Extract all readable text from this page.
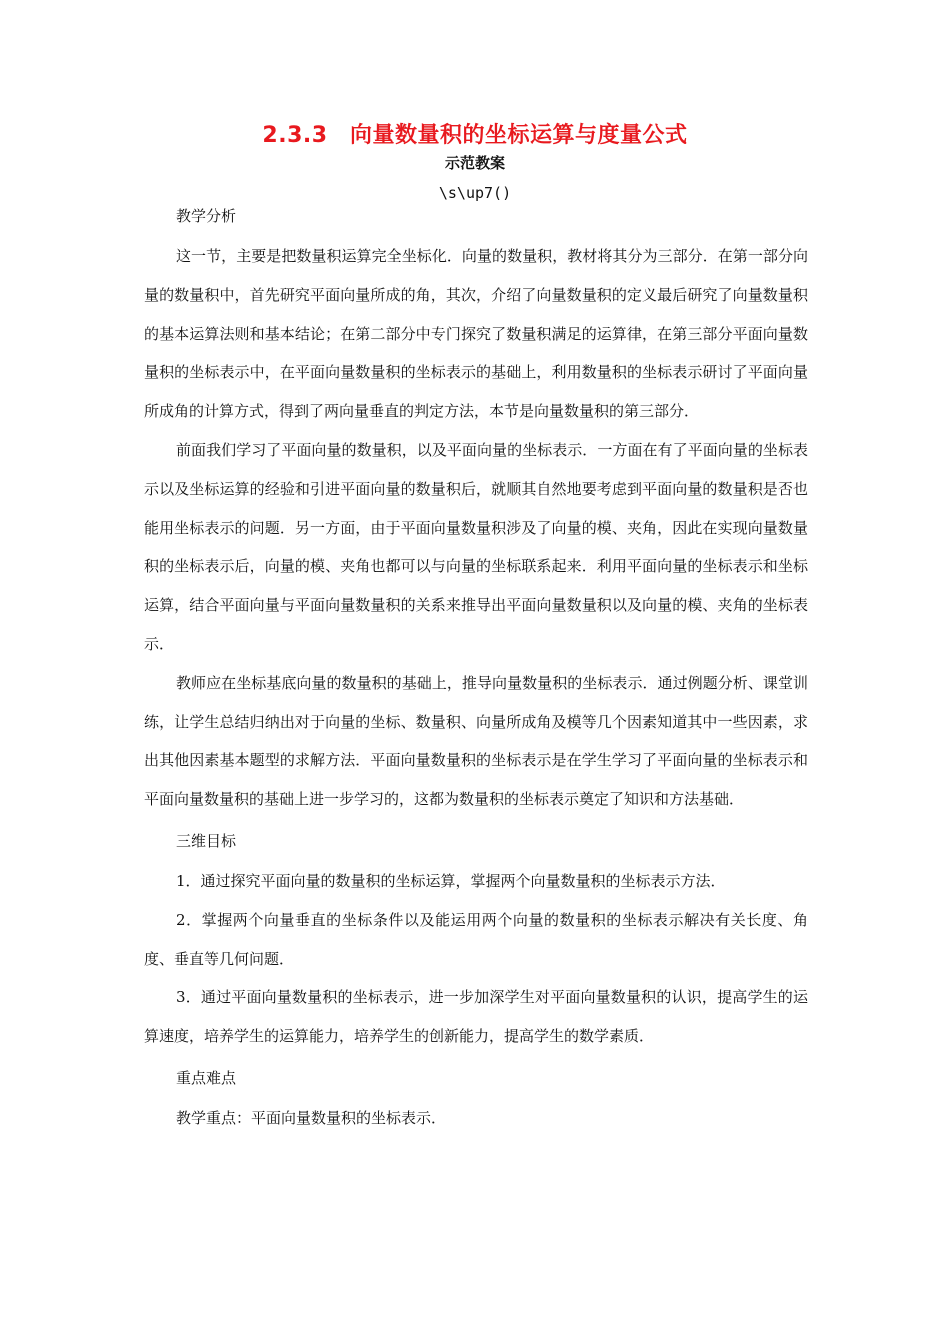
2.3.3　向量数量积的坐标运算与度量公式
示范教案
\s\up7()

教学分析

这一节，主要是把数量积运算完全坐标化．向量的数量积，教材将其分为三部分．在第一部分向量的数量积中，首先研究平面向量所成的角，其次，介绍了向量数量积的定义最后研究了向量数量积的基本运算法则和基本结论；在第二部分中专门探究了数量积满足的运算律，在第三部分平面向量数量积的坐标表示中，在平面向量数量积的坐标表示的基础上，利用数量积的坐标表示研讨了平面向量所成角的计算方式，得到了两向量垂直的判定方法，本节是向量数量积的第三部分．

前面我们学习了平面向量的数量积，以及平面向量的坐标表示．一方面在有了平面向量的坐标表示以及坐标运算的经验和引进平面向量的数量积后，就顺其自然地要考虑到平面向量的数量积是否也能用坐标表示的问题．另一方面，由于平面向量数量积涉及了向量的模、夹角，因此在实现向量数量积的坐标表示后，向量的模、夹角也都可以与向量的坐标联系起来．利用平面向量的坐标表示和坐标运算，结合平面向量与平面向量数量积的关系来推导出平面向量数量积以及向量的模、夹角的坐标表示．

教师应在坐标基底向量的数量积的基础上，推导向量数量积的坐标表示．通过例题分析、课堂训练，让学生总结归纳出对于向量的坐标、数量积、向量所成角及模等几个因素知道其中一些因素，求出其他因素基本题型的求解方法．平面向量数量积的坐标表示是在学生学习了平面向量的坐标表示和平面向量数量积的基础上进一步学习的，这都为数量积的坐标表示奠定了知识和方法基础．

三维目标

1．通过探究平面向量的数量积的坐标运算，掌握两个向量数量积的坐标表示方法．

2．掌握两个向量垂直的坐标条件以及能运用两个向量的数量积的坐标表示解决有关长度、角度、垂直等几何问题．

3．通过平面向量数量积的坐标表示，进一步加深学生对平面向量数量积的认识，提高学生的运算速度，培养学生的运算能力，培养学生的创新能力，提高学生的数学素质．

重点难点

教学重点：平面向量数量积的坐标表示．
